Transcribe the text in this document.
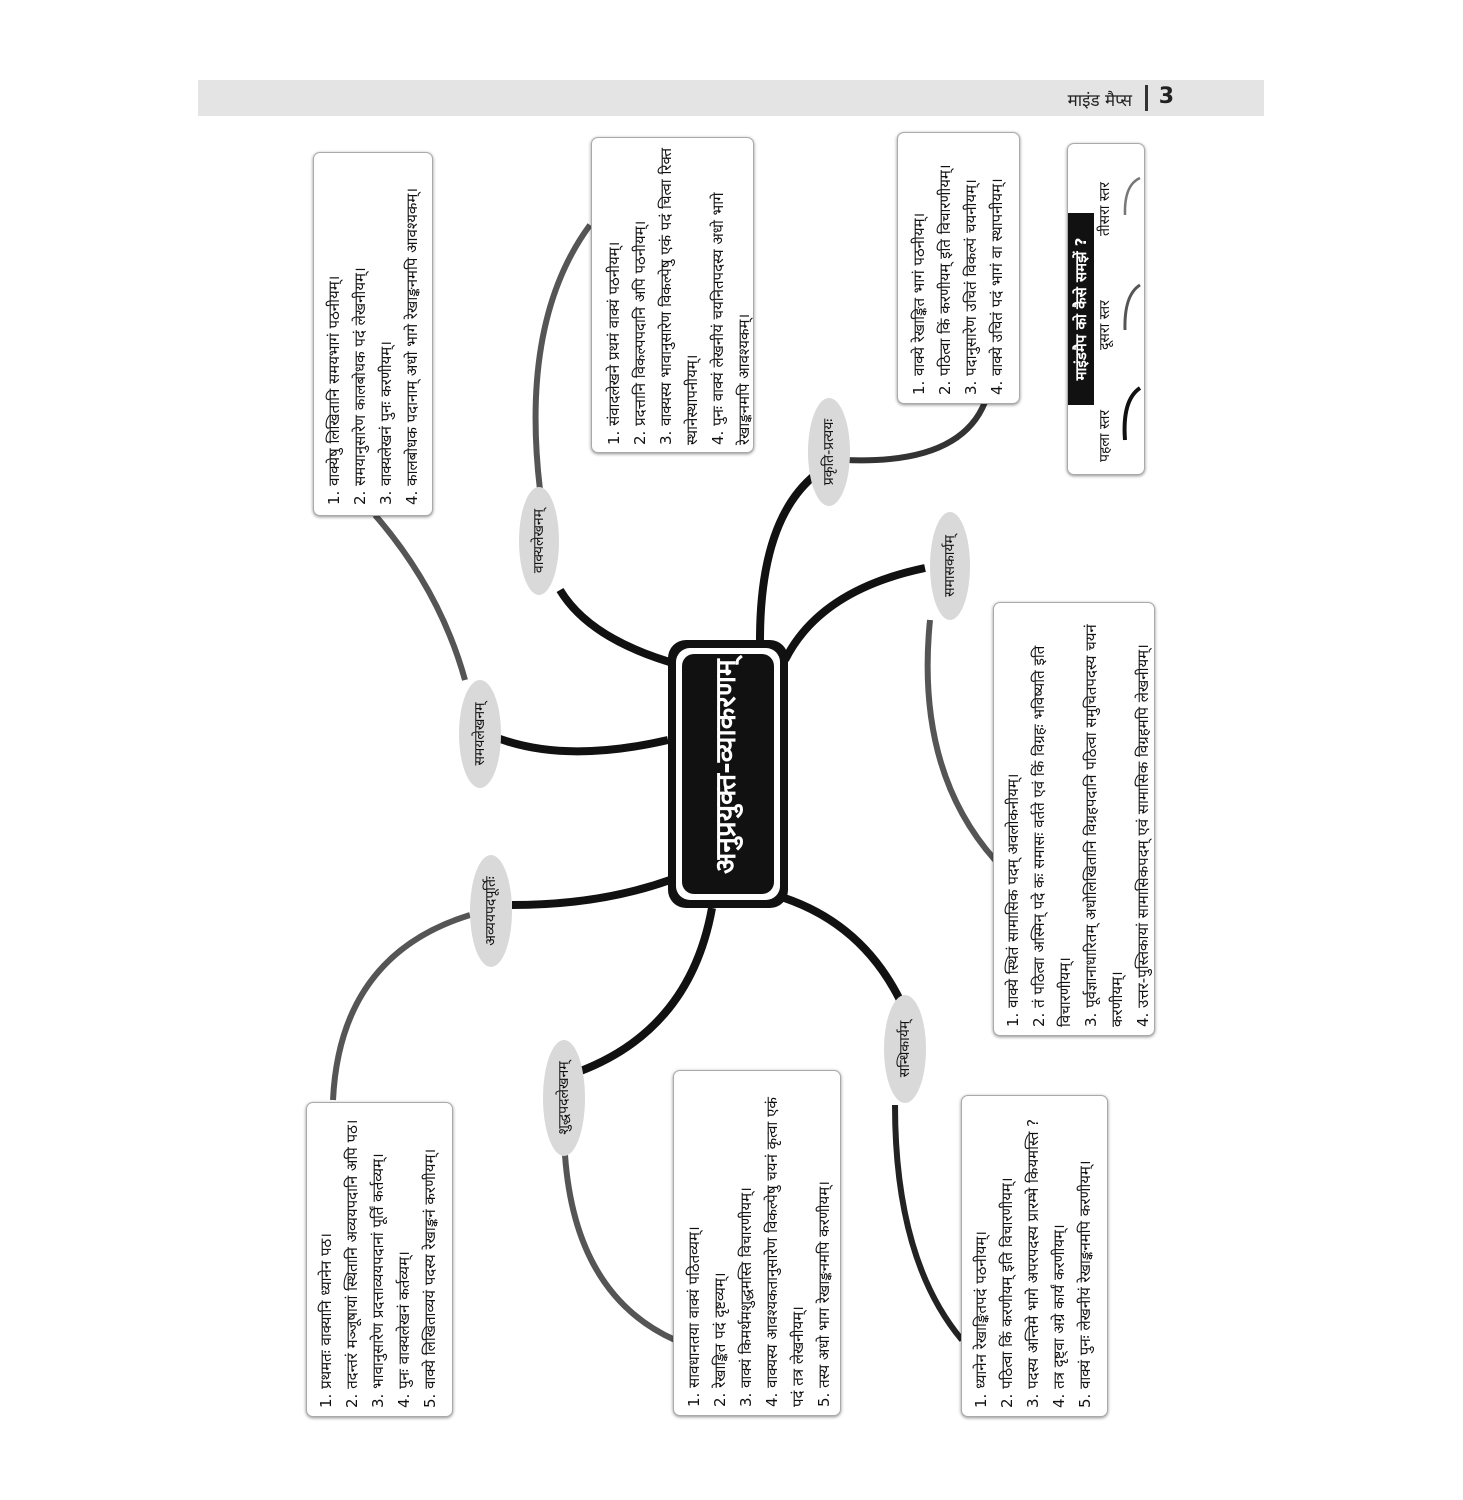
माइंड मैप्स 3
अनुप्रयुक्त-व्याकरणम्
माइंडमैप को कैसे समझें ?
पहला स्तर
दूसरा स्तर
तीसरा स्तर
वाक्यलेखनम्
1. संवादलेखने प्रथमं वाक्यं पठनीयम्। 2. प्रदत्तानि विकल्पपदानि अपि पठनीयम्। 3. वाक्यस्य भावानुसारेण विकल्पेषु एकं पदं चित्वा रिक्त स्थानेस्थापनीयम्। 4. पुनः वाक्यं लेखनीयं चयनितपदस्य अधो भागे रेखाङ्कनमपि आवश्यकम्।
प्रकृति-प्रत्ययः
1. वाक्ये रेखाङ्कित भागं पठनीयम्। 2. पठित्वा किं करणीयम् इति विचारणीयम्। 3. पदानुसारेण उचितं विकल्पं चयनीयम्। 4. वाक्ये उचितं पदं भागं वा स्थापनीयम्।
समयलेखनम्
1. वाक्येषु लिखितानि समयभागं पठनीयम्। 2. समयानुसारेण कालबोधक पदं लेखनीयम्। 3. वाक्यलेखनं पुनः करणीयम्। 4. कालबोधक पदानाम् अधो भागे रेखाङ्कनमपि आवश्यकम्।
समासकार्यम्
1. वाक्ये स्थितं सामासिक पदम् अवलोकनीयम्। 2. तं पठित्वा अस्मिन् पदे कः समासः वर्तते एवं किं विग्रहः भविष्यति इति विचारणीयम्। 3. पूर्वज्ञानाधारितम् अधोलिखितानि विग्रहपदानि पठित्वा समुचितपदस्य चयनं करणीयम्। 4. उत्तर-पुस्तिकायां सामासिकपदम् एवं सामासिक विग्रहमपि लेखनीयम्।
अव्ययपदपूर्तिः
1. प्रथमतः वाक्यानि ध्यानेन पठ। 2. तदन्तरं मञ्जूषायां स्थितानि अव्ययपदानि अपि पठ। 3. भावानुसारेण प्रदत्ताव्ययपदानां पूर्तिं कर्तव्यम्। 4. पुनः वाक्यलेखनं कर्तव्यम्। 5. वाक्ये लिखिताव्ययं पदस्य रेखाङ्कनं करणीयम्।
शुद्धपदलेखनम्
1. सावधानतया वाक्यं पठितव्यम्। 2. रेखाङ्कित पदं दृष्टव्यम्। 3. वाक्यं किमर्थमशुद्धमस्ति विचारणीयम्। 4. वाक्यस्य आवश्यकतानुसारेण विकल्पेषु चयनं कृत्वा एकं पदं तत्र लेखनीयम्। 5. तस्य अधो भाग रेखाङ्कनमपि करणीयम्।
सन्धिकार्यम्
1. ध्यानेन रेखाङ्कितपदं पठनीयम्। 2. पठित्वा किं करणीयम् इति विचारणीयम्। 3. पदस्य अन्तिमे भागे अपरपदस्य प्रारम्भे कियमस्ति ? 4. तत्र दृष्ट्वा अग्रे कार्यं करणीयम्। 5. वाक्यं पुनः लेखनीयं रेखाङ्कनमपि करणीयम्।
